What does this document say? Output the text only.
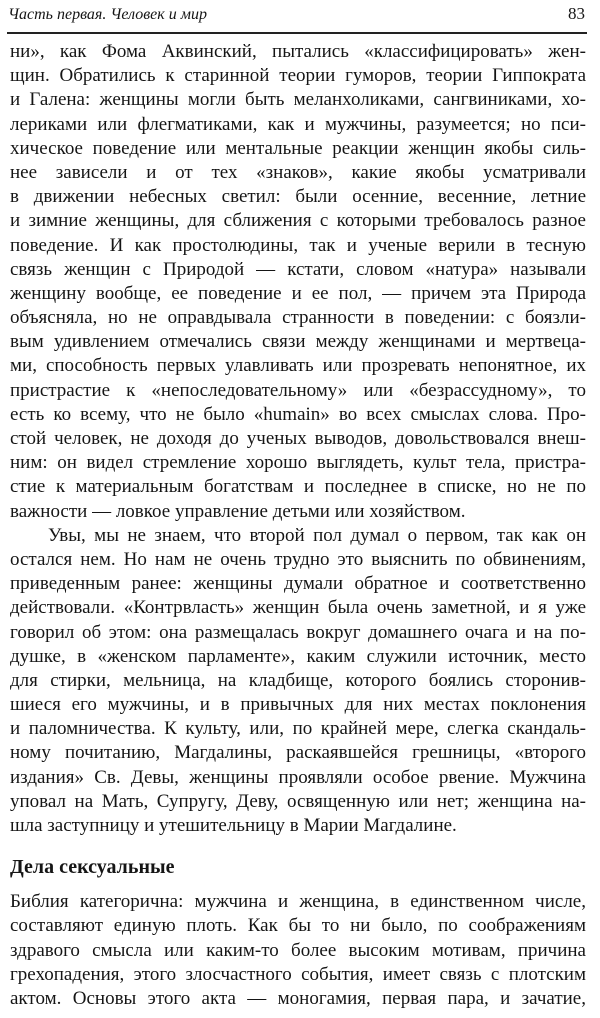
Часть первая. Человек и мир	83
ни», как Фома Аквинский, пытались «классифицировать» жен-
щин. Обратились к старинной теории гуморов, теории Гиппократа
и Галена: женщины могли быть меланхоликами, сангвиниками, хо-
лериками или флегматиками, как и мужчины, разумеется; но пси-
хическое поведение или ментальные реакции женщин якобы силь-
нее зависели и от тех «знаков», какие якобы усматривали
в движении небесных светил: были осенние, весенние, летние
и зимние женщины, для сближения с которыми требовалось разное
поведение. И как простолюдины, так и ученые верили в тесную
связь женщин с Природой — кстати, словом «натура» называли
женщину вообще, ее поведение и ее пол, — причем эта Природа
объясняла, но не оправдывала странности в поведении: с боязли-
вым удивлением отмечались связи между женщинами и мертвеца-
ми, способность первых улавливать или прозревать непонятное, их
пристрастие к «непоследовательному» или «безрассудному», то
есть ко всему, что не было «humain» во всех смыслах слова. Про-
стой человек, не доходя до ученых выводов, довольствовался внеш-
ним: он видел стремление хорошо выглядеть, культ тела, пристра-
стие к материальным богатствам и последнее в списке, но не по
важности — ловкое управление детьми или хозяйством.
Увы, мы не знаем, что второй пол думал о первом, так как он
остался нем. Но нам не очень трудно это выяснить по обвинениям,
приведенным ранее: женщины думали обратное и соответственно
действовали. «Контрвласть» женщин была очень заметной, и я уже
говорил об этом: она размещалась вокруг домашнего очага и на по-
душке, в «женском парламенте», каким служили источник, место
для стирки, мельница, на кладбище, которого боялись сторонив-
шиеся его мужчины, и в привычных для них местах поклонения
и паломничества. К культу, или, по крайней мере, слегка скандаль-
ному почитанию, Магдалины, раскаявшейся грешницы, «второго
издания» Св. Девы, женщины проявляли особое рвение. Мужчина
уповал на Мать, Супругу, Деву, освященную или нет; женщина на-
шла заступницу и утешительницу в Марии Магдалине.
Дела сексуальные
Библия категорична: мужчина и женщина, в единственном числе,
составляют единую плоть. Как бы то ни было, по соображениям
здравого смысла или каким-то более высоким мотивам, причина
грехопадения, этого злосчастного события, имеет связь с плотским
актом. Основы этого акта — моногамия, первая пара, и зачатие,
